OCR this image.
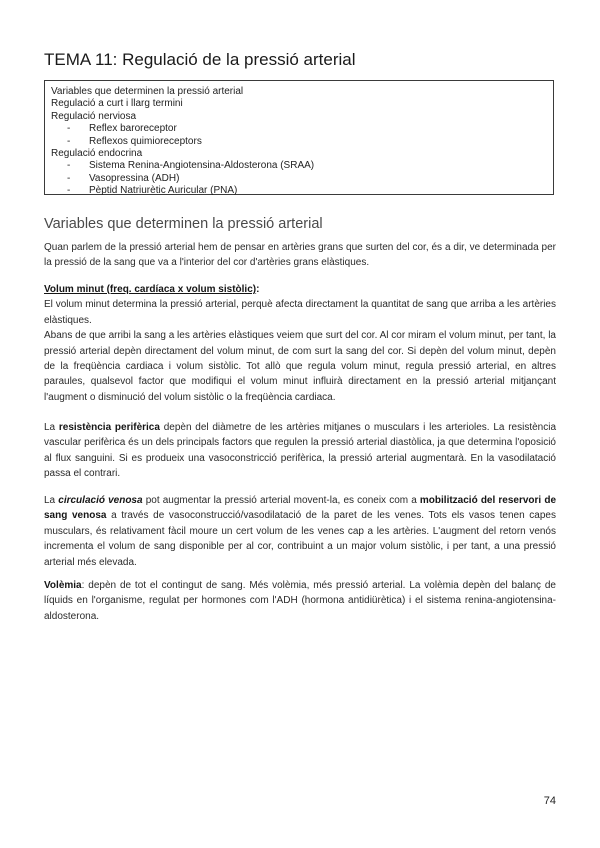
TEMA 11: Regulació de la pressió arterial
Variables que determinen la pressió arterial
Regulació a curt i llarg termini
Regulació nerviosa
- Reflex baroreceptor
- Reflexos quimioreceptors
Regulació endocrina
- Sistema Renina-Angiotensina-Aldosterona (SRAA)
- Vasopressina (ADH)
- Pèptid Natriurètic Auricular (PNA)
Variables que determinen la pressió arterial

Quan parlem de la pressió arterial hem de pensar en artèries grans que surten del cor, és a dir, ve determinada per la pressió de la sang que va a l'interior del cor d'artèries grans elàstiques.

Volum minut (freq. cardíaca x volum sistòlic):

El volum minut determina la pressió arterial, perquè afecta directament la quantitat de sang que arriba a les artèries elàstiques.

Abans de que arribi la sang a les artèries elàstiques veiem que surt del cor. Al cor miram el volum minut, per tant, la pressió arterial depèn directament del volum minut, de com surt la sang del cor. Si depèn del volum minut, depèn de la freqüència cardiaca i volum sistòlic. Tot allò que regula volum minut, regula pressió arterial, en altres paraules, qualsevol factor que modifiqui el volum minut influirà directament en la pressió arterial mitjançant l'augment o disminució del volum sistòlic o la freqüència cardiaca.

La resistència perifèrica depèn del diàmetre de les artèries mitjanes o musculars i les arterioles. La resistència vascular perifèrica és un dels principals factors que regulen la pressió arterial diastòlica, ja que determina l'oposició al flux sanguini. Si es produeix una vasoconstricció perifèrica, la pressió arterial augmentarà. En la vasodilatació passa el contrari.

La circulació venosa pot augmentar la pressió arterial movent-la, es coneix com a mobilització del reservori de sang venosa a través de vasoconstrucció/vasodilatació de la paret de les venes. Tots els vasos tenen capes musculars, és relativament fàcil moure un cert volum de les venes cap a les artèries. L'augment del retorn venós incrementa el volum de sang disponible per al cor, contribuint a un major volum sistòlic, i per tant, a una pressió arterial més elevada.

Volèmia: depèn de tot el contingut de sang. Més volèmia, més pressió arterial. La volèmia depèn del balanç de líquids en l'organisme, regulat per hormones com l'ADH (hormona antidiürètica) i el sistema renina-angiotensina-aldosterona.

74
